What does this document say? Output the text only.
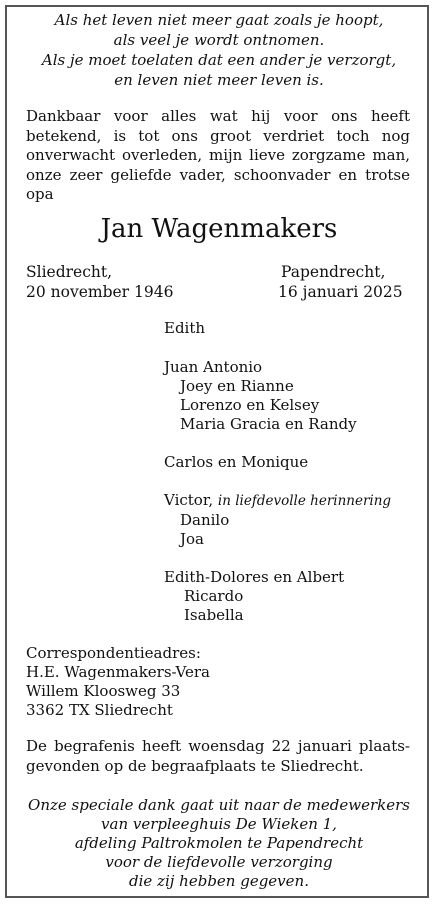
Als het leven niet meer gaat zoals je hoopt,
als veel je wordt ontnomen.
Als je moet toelaten dat een ander je verzorgt,
en leven niet meer leven is.
Dankbaar voor alles wat hij voor ons heeft
betekend, is tot ons groot verdriet toch nog
onverwacht overleden, mijn lieve zorgzame man,
onze zeer geliefde vader, schoonvader en trotse
opa
Jan Wagenmakers
Sliedrecht,
20 november 1946
Papendrecht,
16 januari 2025
Edith
Juan Antonio
Joey en Rianne
Lorenzo en Kelsey
Maria Gracia en Randy
Carlos en Monique
Victor, in liefdevolle herinnering
Danilo
Joa
Edith-Dolores en Albert
Ricardo
Isabella
Correspondentieadres:
H.E. Wagenmakers-Vera
Willem Kloosweg 33
3362 TX Sliedrecht
De begrafenis heeft woensdag 22 januari plaats-
gevonden op de begraafplaats te Sliedrecht.
Onze speciale dank gaat uit naar de medewerkers
van verpleeghuis De Wieken 1,
afdeling Paltrokmolen te Papendrecht
voor de liefdevolle verzorging
die zij hebben gegeven.
